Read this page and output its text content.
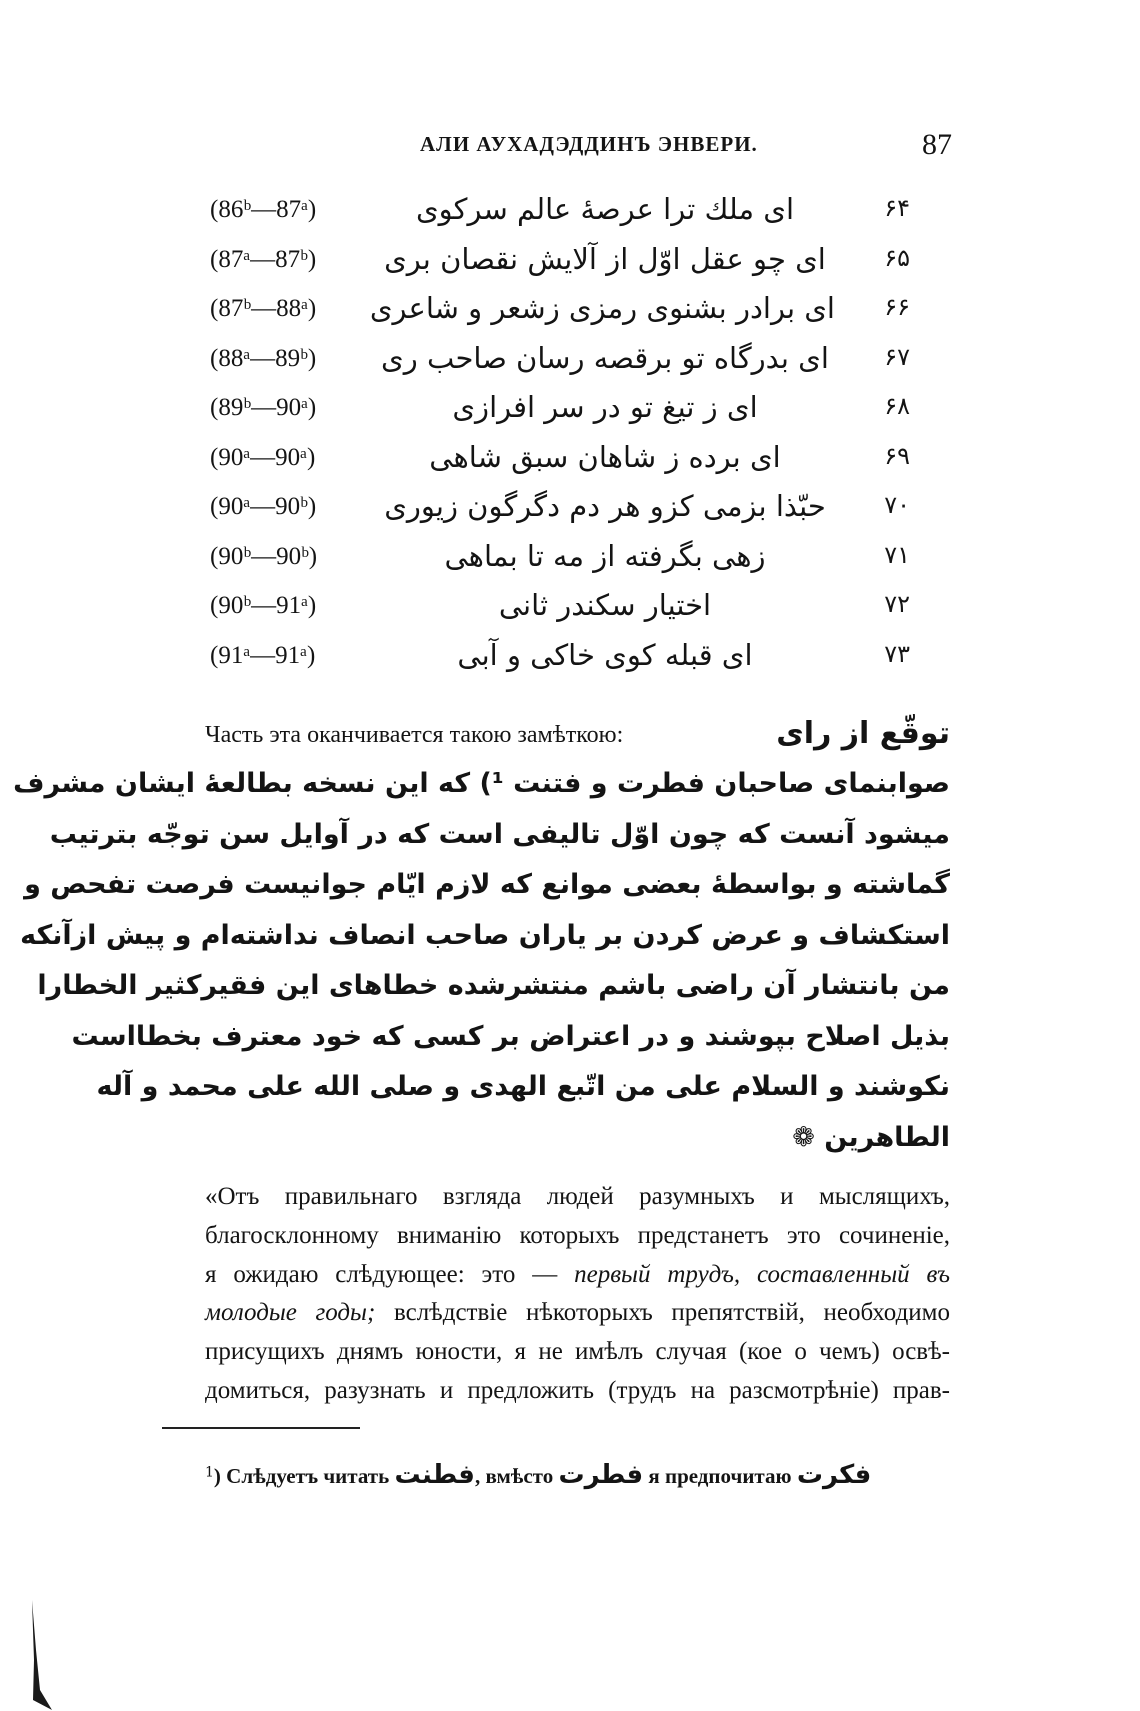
АЛИ АУХАДЭДДИНЪ ЭНВЕРИ.	87
(86ᵇ—87ᵃ)	ای ملك ترا عرصهٔ عالم سرکوی	۶۴
(87ᵃ—87ᵇ)	ای چو عقل اوّل از آلایش نقصان بری	۶۵
(87ᵇ—88ᵃ) ای برادر بشنوی رمزی زشعر و شاعری	۶۶
(88ᵃ—89ᵇ) ای بدرگاه تو برقصه رسان صاحب ری	۶۷
(89ᵇ—90ᵃ)	ای ز تیغ تو در سر افرازی	۶۸
(90ᵃ—90ᵃ)	ای برده ز شاهان سبق شاهی	۶۹
(90ᵃ—90ᵇ)	حبّذا بزمی کزو هر دم دگرگون زیوری	۷۰
(90ᵇ—90ᵇ)	زهی بگرفته از مه تا بماهی	۷۱
(90ᵇ—91ᵃ)	اختیار سکندر ثانی	۷۲
(91ᵃ—91ᵃ)	ای قبله کوی خاکی و آبی	۷۳
Часть эта оканчивается такою замѣткою:	توقّع از رای
صوابنمای صاحبان فطرت و فتنت ¹) که این نسخه بطالعهٔ ایشان مشرف
میشود آنست که چون اوّل تالیفی است که در آوایل سن توجّه بترتیب
گماشته و بواسطهٔ بعضی موانع که لازم ایّام جوانیست فرصت تفحص و
استکشاف و عرض کردن بر یاران صاحب انصاف نداشته‌ام و پیش ازآنکه
من بانتشار آن راضی باشم منتشرشده خطاهای این فقیرکثیر الخطارا
بذیل اصلاح بپوشند و در اعتراض بر کسی که خود معترف بخطااست
نکوشند و السلام علی من اتّبع الهدی و صلی الله علی محمد و آله
الطاهرین ❁
«Отъ правильнаго взгляда людей разумныхъ и мыслящихъ,
благосклонному вниманію которыхъ предстанетъ это сочиненіе,
я ожидаю слѣдующее: это — первый трудъ, составленный въ
молодые годы; вслѣдствіе нѣкоторыхъ препятствій, необходимо
присущихъ днямъ юности, я не имѣлъ случая (кое о чемъ) освѣ-
домиться, разузнать и предложить (трудъ на разсмотрѣніе) прав-
$^1$) Слѣдуетъ читать فطنت, вмѣсто فطرت я предпочитаю فکرت
